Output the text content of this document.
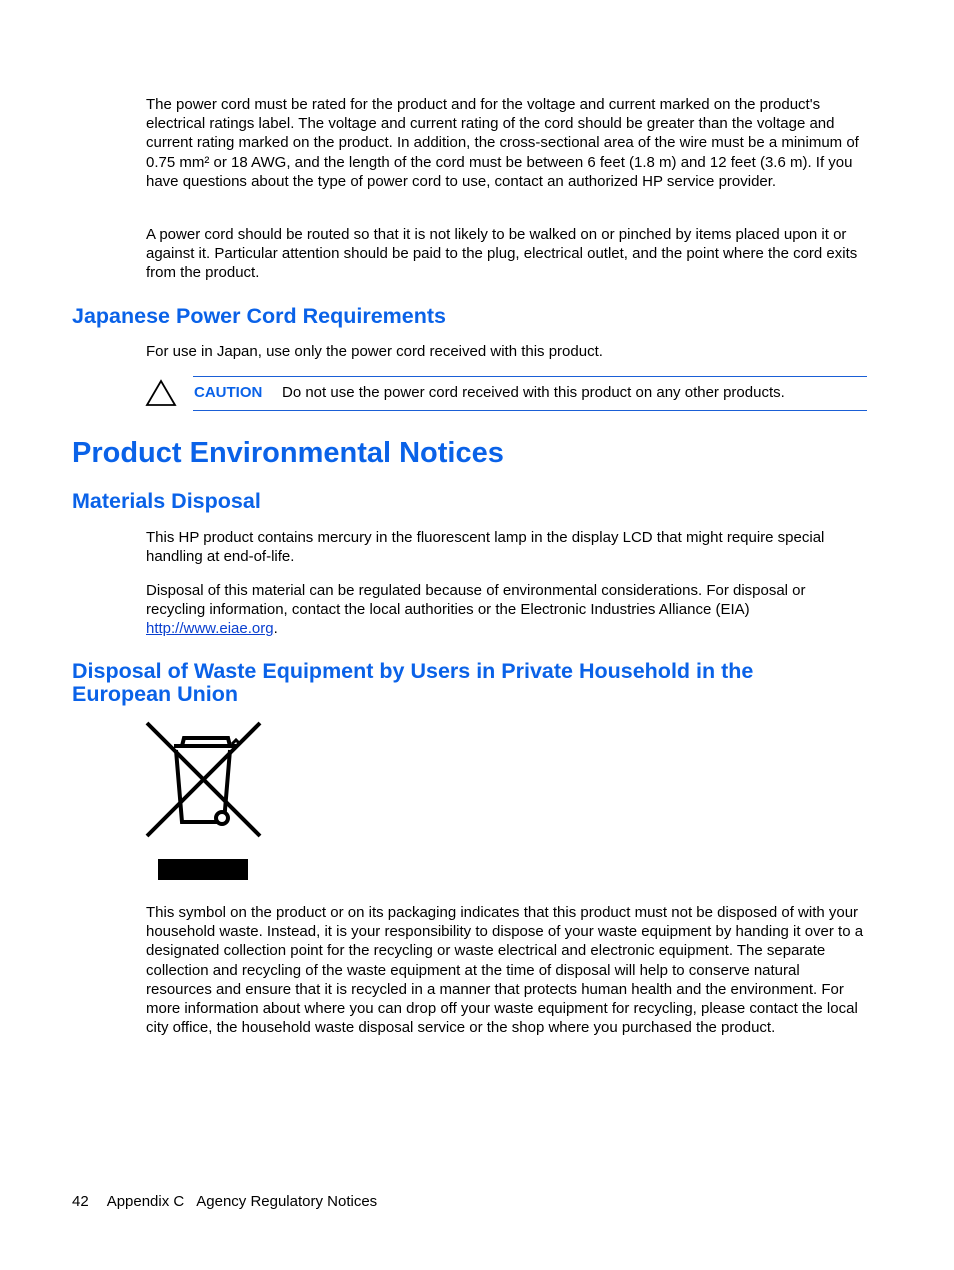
The power cord must be rated for the product and for the voltage and current marked on the product's electrical ratings label. The voltage and current rating of the cord should be greater than the voltage and current rating marked on the product. In addition, the cross-sectional area of the wire must be a minimum of 0.75 mm² or 18 AWG, and the length of the cord must be between 6 feet (1.8 m) and 12 feet (3.6 m). If you have questions about the type of power cord to use, contact an authorized HP service provider.

A power cord should be routed so that it is not likely to be walked on or pinched by items placed upon it or against it. Particular attention should be paid to the plug, electrical outlet, and the point where the cord exits from the product.

Japanese Power Cord Requirements

For use in Japan, use only the power cord received with this product.

CAUTION Do not use the power cord received with this product on any other products.
Product Environmental Notices
Materials Disposal

This HP product contains mercury in the fluorescent lamp in the display LCD that might require special handling at end-of-life.

Disposal of this material can be regulated because of environmental considerations. For disposal or recycling information, contact the local authorities or the Electronic Industries Alliance (EIA) http://www.eiae.org.

Disposal of Waste Equipment by Users in Private Household in the
European Union

This symbol on the product or on its packaging indicates that this product must not be disposed of with your household waste. Instead, it is your responsibility to dispose of your waste equipment by handing it over to a designated collection point for the recycling or waste electrical and electronic equipment. The separate collection and recycling of the waste equipment at the time of disposal will help to conserve natural resources and ensure that it is recycled in a manner that protects human health and the environment. For more information about where you can drop off your waste equipment for recycling, please contact the local city office, the household waste disposal service or the shop where you purchased the product.

42 Appendix C Agency Regulatory Notices
